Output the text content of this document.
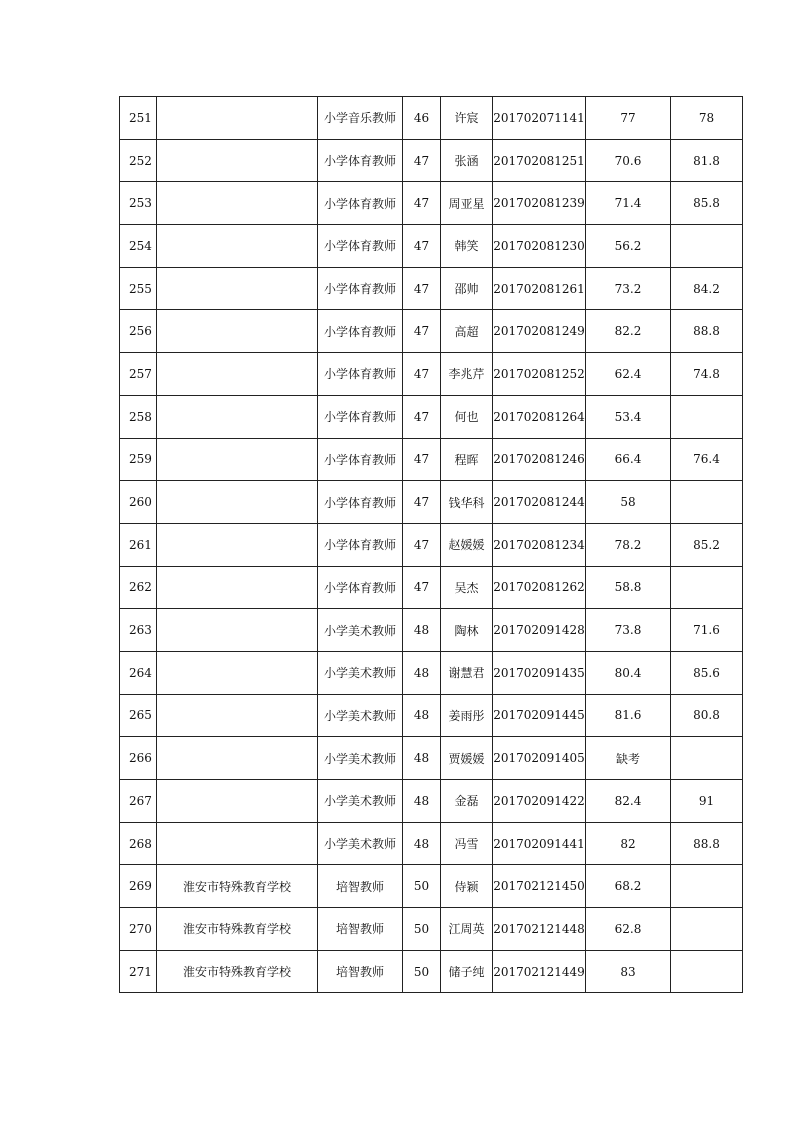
251		小学音乐教师	46	许宸	201702071141	77	78
252		小学体育教师	47	张涵	201702081251	70.6	81.8
253		小学体育教师	47	周亚星	201702081239	71.4	85.8
254		小学体育教师	47	韩笑	201702081230	56.2	
255		小学体育教师	47	邵帅	201702081261	73.2	84.2
256		小学体育教师	47	高超	201702081249	82.2	88.8
257		小学体育教师	47	李兆芹	201702081252	62.4	74.8
258		小学体育教师	47	何也	201702081264	53.4	
259		小学体育教师	47	程晖	201702081246	66.4	76.4
260		小学体育教师	47	钱华科	201702081244	58	
261		小学体育教师	47	赵媛媛	201702081234	78.2	85.2
262		小学体育教师	47	吴杰	201702081262	58.8	
263		小学美术教师	48	陶林	201702091428	73.8	71.6
264		小学美术教师	48	谢慧君	201702091435	80.4	85.6
265		小学美术教师	48	姜雨彤	201702091445	81.6	80.8
266		小学美术教师	48	贾媛媛	201702091405	缺考	
267		小学美术教师	48	金磊	201702091422	82.4	91
268		小学美术教师	48	冯雪	201702091441	82	88.8
269	淮安市特殊教育学校	培智教师	50	侍颖	201702121450	68.2	
270	淮安市特殊教育学校	培智教师	50	江周英	201702121448	62.8	
271	淮安市特殊教育学校	培智教师	50	储子纯	201702121449	83	
